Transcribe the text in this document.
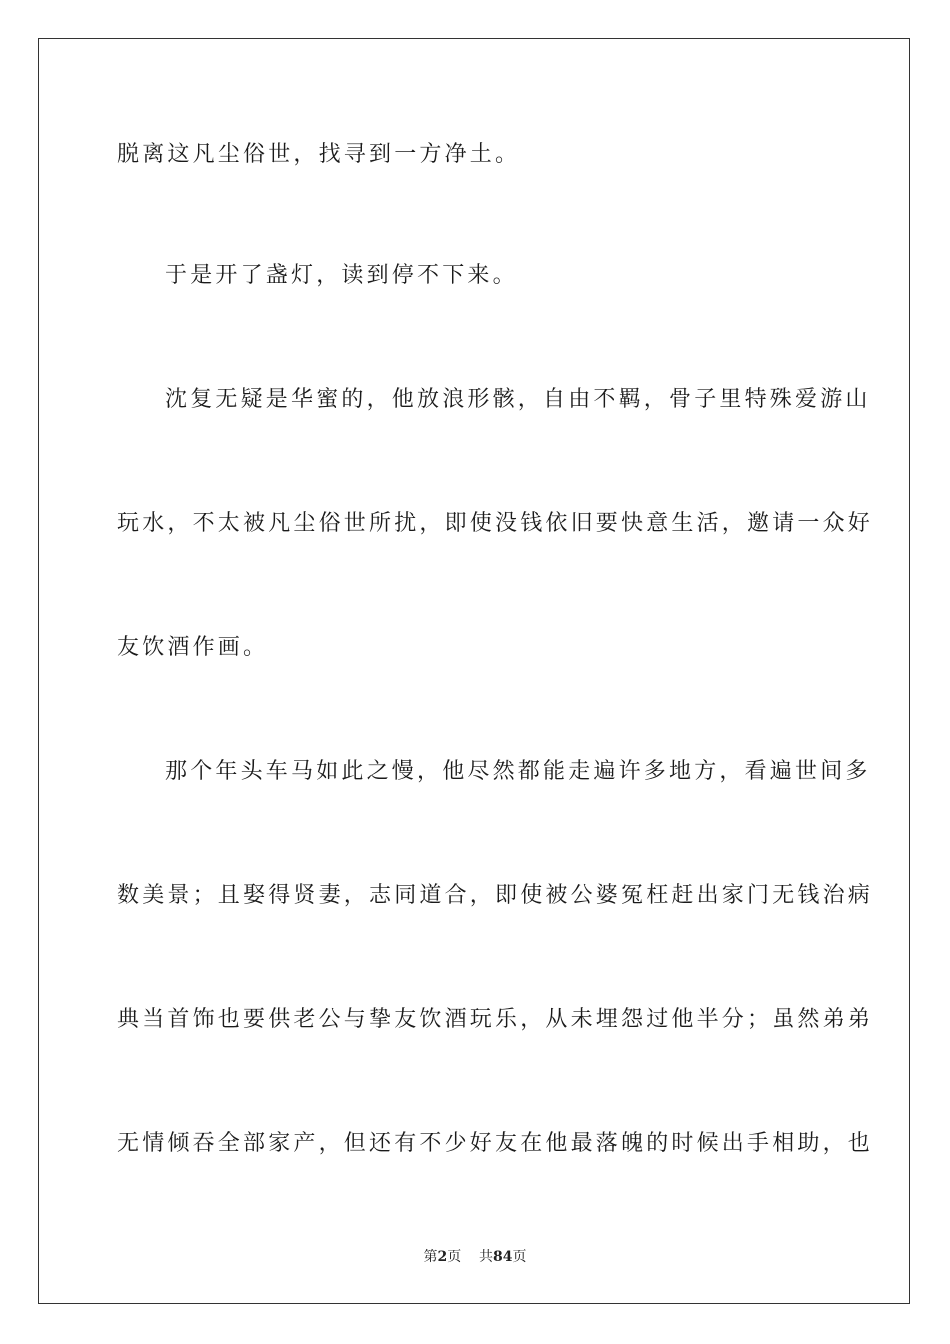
脱离这凡尘俗世，找寻到一方净土。
于是开了盏灯，读到停不下来。
沈复无疑是华蜜的，他放浪形骸，自由不羁，骨子里特殊爱游山
玩水，不太被凡尘俗世所扰，即使没钱依旧要快意生活，邀请一众好
友饮酒作画。
那个年头车马如此之慢，他尽然都能走遍许多地方，看遍世间多
数美景；且娶得贤妻，志同道合，即使被公婆冤枉赶出家门无钱治病
典当首饰也要供老公与挚友饮酒玩乐，从未埋怨过他半分；虽然弟弟
无情倾吞全部家产，但还有不少好友在他最落魄的时候出手相助，也
第2页 共84页
